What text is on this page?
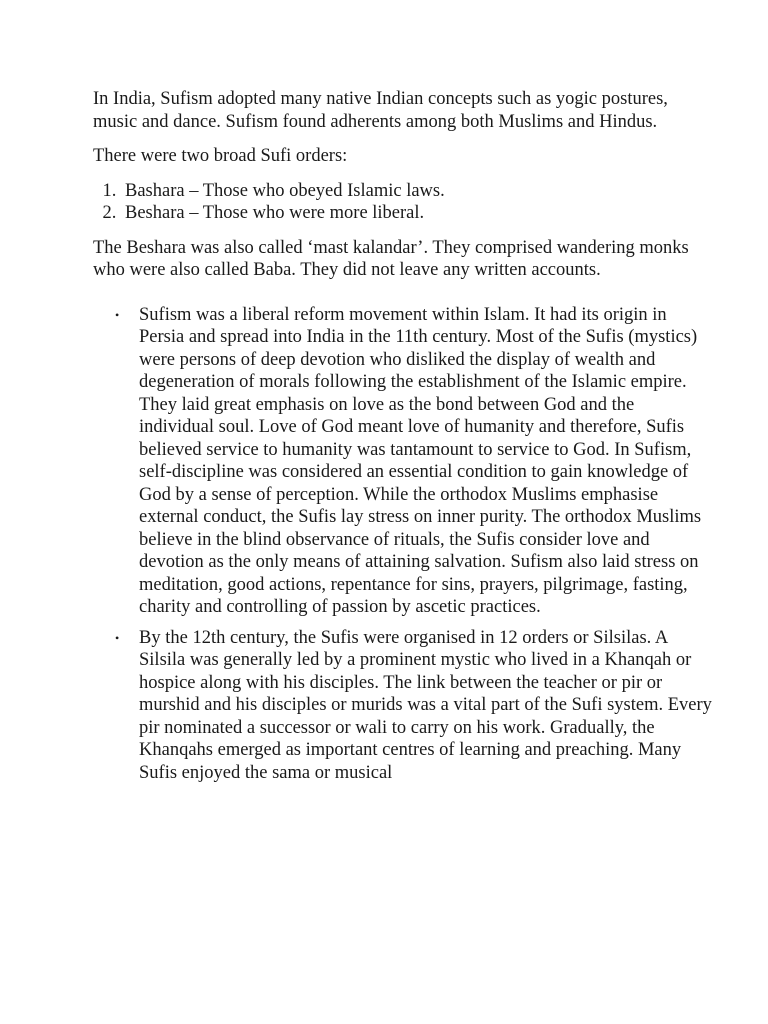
In India, Sufism adopted many native Indian concepts such as yogic postures, music and dance. Sufism found adherents among both Muslims and Hindus.

There were two broad Sufi orders:

1. Bashara – Those who obeyed Islamic laws.
2. Beshara – Those who were more liberal.

The Beshara was also called ‘mast kalandar’. They comprised wandering monks who were also called Baba. They did not leave any written accounts.

• Sufism was a liberal reform movement within Islam. It had its origin in Persia and spread into India in the 11th century. Most of the Sufis (mystics) were persons of deep devotion who disliked the display of wealth and degeneration of morals following the establishment of the Islamic empire. They laid great emphasis on love as the bond between God and the individual soul. Love of God meant love of humanity and therefore, Sufis believed service to humanity was tantamount to service to God. In Sufism, self-discipline was considered an essential condition to gain knowledge of God by a sense of perception. While the orthodox Muslims emphasise external conduct, the Sufis lay stress on inner purity. The orthodox Muslims believe in the blind observance of rituals, the Sufis consider love and devotion as the only means of attaining salvation. Sufism also laid stress on meditation, good actions, repentance for sins, prayers, pilgrimage, fasting, charity and controlling of passion by ascetic practices.
• By the 12th century, the Sufis were organised in 12 orders or Silsilas. A Silsila was generally led by a prominent mystic who lived in a Khanqah or hospice along with his disciples. The link between the teacher or pir or murshid and his disciples or murids was a vital part of the Sufi system. Every pir nominated a successor or wali to carry on his work. Gradually, the Khanqahs emerged as important centres of learning and preaching. Many Sufis enjoyed the sama or musical
